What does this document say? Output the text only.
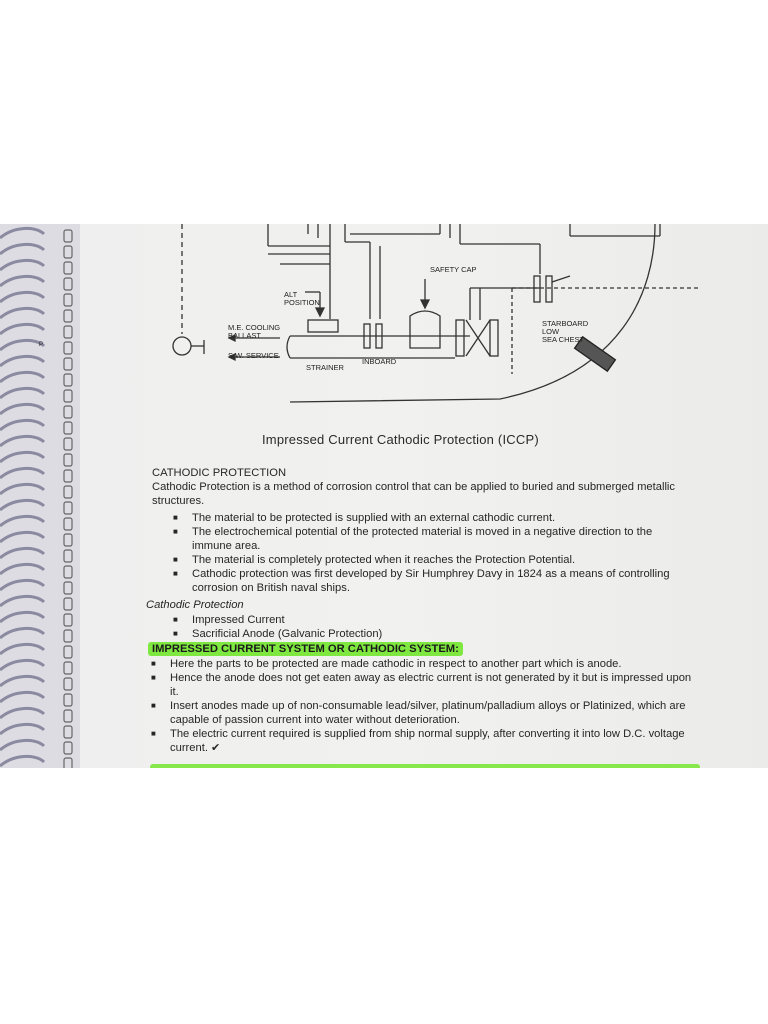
P
SAFETY CAP
ALT
POSITION
M.E. COOLING
BALLAST
S.W. SERVICE
STRAINER
INBOARD
STARBOARD
LOW
SEA CHEST
Impressed Current Cathodic Protection (ICCP)
CATHODIC PROTECTION
Cathodic Protection is a method of corrosion control that can be applied to buried and submerged metallic structures.
■ The material to be protected is supplied with an external cathodic current.
■ The electrochemical potential of the protected material is moved in a negative direction to the immune area.
■ The material is completely protected when it reaches the Protection Potential.
■ Cathodic protection was first developed by Sir Humphrey Davy in 1824 as a means of controlling corrosion on British naval ships.
Cathodic Protection
■ Impressed Current
■ Sacrificial Anode (Galvanic Protection)
IMPRESSED CURRENT SYSTEM OR CATHODIC SYSTEM:
■ Here the parts to be protected are made cathodic in respect to another part which is anode.
■ Hence the anode does not get eaten away as electric current is not generated by it but is impressed upon it.
■ Insert anodes made up of non-consumable lead/silver, platinum/palladium alloys or Platinized, which are capable of passion current into water without deterioration.
■ The electric current required is supplied from ship normal supply, after converting it into low D.C. voltage current. ✔
